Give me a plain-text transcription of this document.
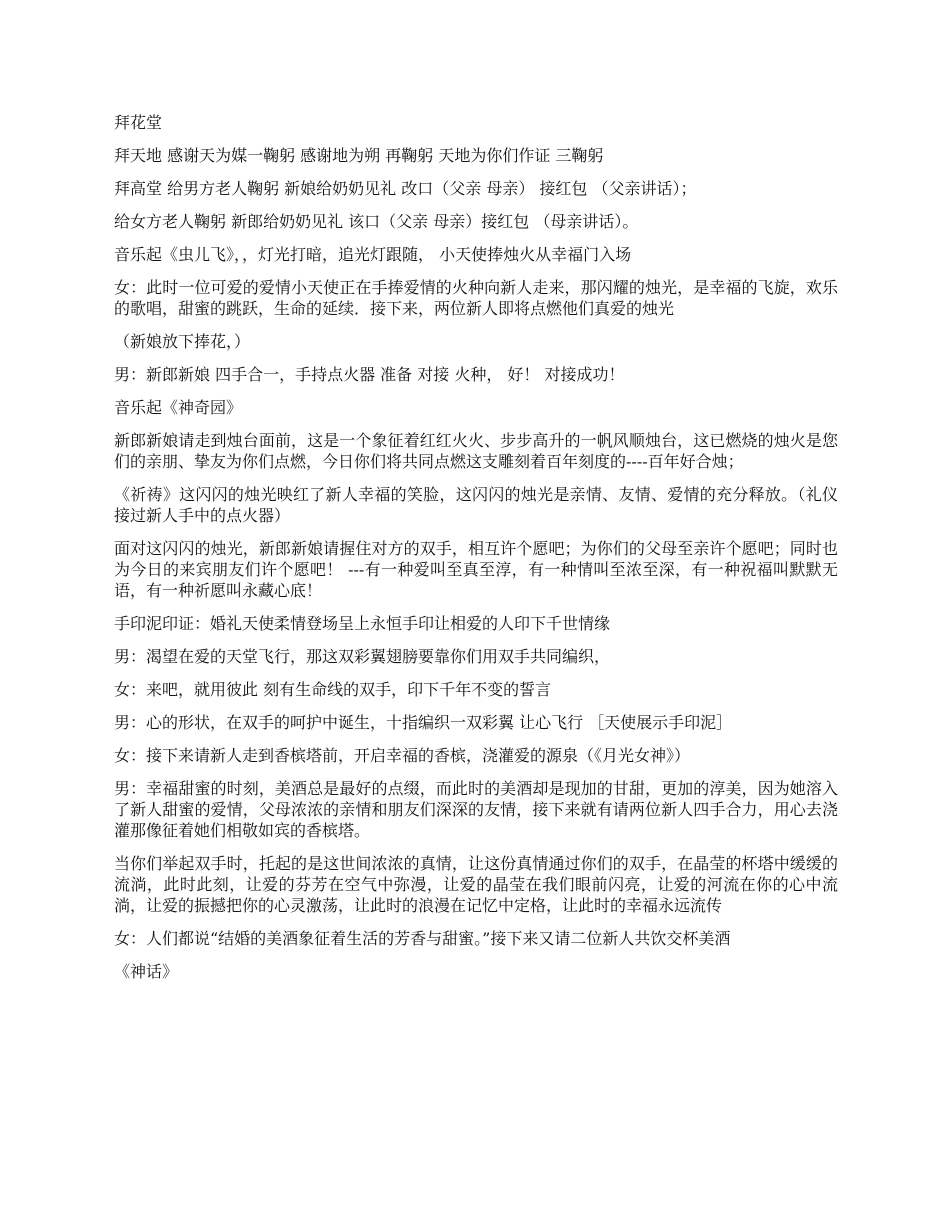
拜花堂

拜天地 感谢天为媒一鞠躬 感谢地为朔 再鞠躬 天地为你们作证 三鞠躬

拜高堂 给男方老人鞠躬 新娘给奶奶见礼 改口（父亲 母亲） 接红包 （父亲讲话）；

给女方老人鞠躬 新郎给奶奶见礼 该口（父亲 母亲）接红包 （母亲讲话）。

音乐起《虫儿飞》，，灯光打暗，追光灯跟随， 小天使捧烛火从幸福门入场

女：此时一位可爱的爱情小天使正在手捧爱情的火种向新人走来，那闪耀的烛光，是幸福的飞旋，欢乐的歌唱，甜蜜的跳跃，生命的延续．接下来，两位新人即将点燃他们真爱的烛光

（新娘放下捧花，）

男：新郎新娘 四手合一，手持点火器 准备 对接 火种， 好！ 对接成功！

音乐起《神奇园》

新郎新娘请走到烛台面前，这是一个象征着红红火火、步步高升的一帆风顺烛台，这已燃烧的烛火是您们的亲朋、挚友为你们点燃，今日你们将共同点燃这支雕刻着百年刻度的----百年好合烛；

《祈祷》这闪闪的烛光映红了新人幸福的笑脸，这闪闪的烛光是亲情、友情、爱情的充分释放。（礼仪接过新人手中的点火器）

面对这闪闪的烛光，新郎新娘请握住对方的双手，相互许个愿吧；为你们的父母至亲许个愿吧；同时也为今日的来宾朋友们许个愿吧！ ---有一种爱叫至真至淳，有一种情叫至浓至深，有一种祝福叫默默无语，有一种祈愿叫永藏心底！

手印泥印证：婚礼天使柔情登场呈上永恒手印让相爱的人印下千世情缘

男：渴望在爱的天堂飞行，那这双彩翼翅膀要靠你们用双手共同编织，

女：来吧，就用彼此 刻有生命线的双手，印下千年不变的誓言

男：心的形状，在双手的呵护中诞生，十指编织一双彩翼 让心飞行 ［天使展示手印泥］

女：接下来请新人走到香槟塔前，开启幸福的香槟，浇灌爱的源泉（《月光女神》）

男：幸福甜蜜的时刻，美酒总是最好的点缀，而此时的美酒却是现加的甘甜，更加的淳美，因为她溶入了新人甜蜜的爱情，父母浓浓的亲情和朋友们深深的友情，接下来就有请两位新人四手合力，用心去浇灌那像征着她们相敬如宾的香槟塔。

当你们举起双手时，托起的是这世间浓浓的真情，让这份真情通过你们的双手，在晶莹的杯塔中缓缓的流淌，此时此刻，让爱的芬芳在空气中弥漫，让爱的晶莹在我们眼前闪亮，让爱的河流在你的心中流淌，让爱的振撼把你的心灵激荡，让此时的浪漫在记忆中定格，让此时的幸福永远流传

女：人们都说“结婚的美酒象征着生活的芳香与甜蜜。”接下来又请二位新人共饮交杯美酒

《神话》
